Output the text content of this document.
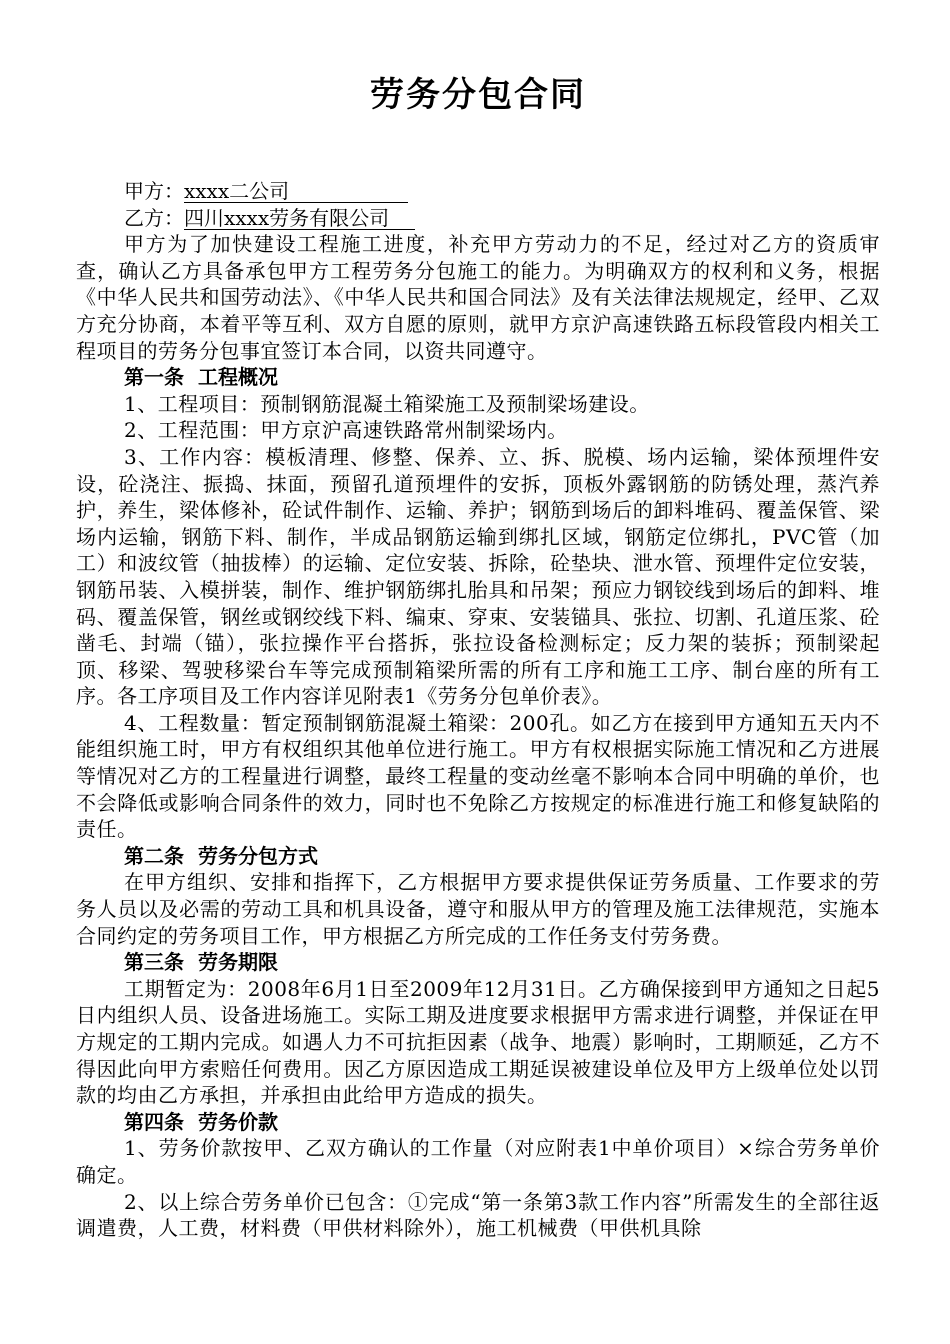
劳务分包合同

甲方：xxxx二公司

乙方：四川xxxx劳务有限公司

甲方为了加快建设工程施工进度，补充甲方劳动力的不足，经过对乙方的资质审查，确认乙方具备承包甲方工程劳务分包施工的能力。为明确双方的权利和义务，根据《中华人民共和国劳动法》、《中华人民共和国合同法》及有关法律法规规定，经甲、乙双方充分协商，本着平等互利、双方自愿的原则，就甲方京沪高速铁路五标段管段内相关工程项目的劳务分包事宜签订本合同，以资共同遵守。

第一条 工程概况

1、工程项目：预制钢筋混凝土箱梁施工及预制梁场建设。

2、工程范围：甲方京沪高速铁路常州制梁场内。

3、工作内容：模板清理、修整、保养、立、拆、脱模、场内运输，梁体预埋件安设，砼浇注、振捣、抹面，预留孔道预埋件的安拆，顶板外露钢筋的防锈处理，蒸汽养护，养生，梁体修补，砼试件制作、运输、养护；钢筋到场后的卸料堆码、覆盖保管、梁场内运输，钢筋下料、制作，半成品钢筋运输到绑扎区域，钢筋定位绑扎，PVC管（加工）和波纹管（抽拔棒）的运输、定位安装、拆除，砼垫块、泄水管、预埋件定位安装，钢筋吊装、入模拼装，制作、维护钢筋绑扎胎具和吊架；预应力钢铰线到场后的卸料、堆码、覆盖保管，钢丝或钢绞线下料、编束、穿束、安装锚具、张拉、切割、孔道压浆、砼凿毛、封端（锚），张拉操作平台搭拆，张拉设备检测标定；反力架的装拆；预制梁起顶、移梁、驾驶移梁台车等完成预制箱梁所需的所有工序和施工工序、制台座的所有工序。各工序项目及工作内容详见附表1《劳务分包单价表》。

4、工程数量：暂定预制钢筋混凝土箱梁：200孔。如乙方在接到甲方通知五天内不能组织施工时，甲方有权组织其他单位进行施工。甲方有权根据实际施工情况和乙方进展等情况对乙方的工程量进行调整，最终工程量的变动丝毫不影响本合同中明确的单价，也不会降低或影响合同条件的效力，同时也不免除乙方按规定的标准进行施工和修复缺陷的责任。

第二条 劳务分包方式

在甲方组织、安排和指挥下，乙方根据甲方要求提供保证劳务质量、工作要求的劳务人员以及必需的劳动工具和机具设备，遵守和服从甲方的管理及施工法律规范，实施本合同约定的劳务项目工作，甲方根据乙方所完成的工作任务支付劳务费。

第三条 劳务期限

工期暂定为：2008年6月1日至2009年12月31日。乙方确保接到甲方通知之日起5日内组织人员、设备进场施工。实际工期及进度要求根据甲方需求进行调整，并保证在甲方规定的工期内完成。如遇人力不可抗拒因素（战争、地震）影响时，工期顺延，乙方不得因此向甲方索赔任何费用。因乙方原因造成工期延误被建设单位及甲方上级单位处以罚款的均由乙方承担，并承担由此给甲方造成的损失。

第四条 劳务价款

1、劳务价款按甲、乙双方确认的工作量（对应附表1中单价项目）×综合劳务单价确定。

2、以上综合劳务单价已包含：①完成“第一条第3款工作内容”所需发生的全部往返调遣费，人工费，材料费（甲供材料除外），施工机械费（甲供机具除
